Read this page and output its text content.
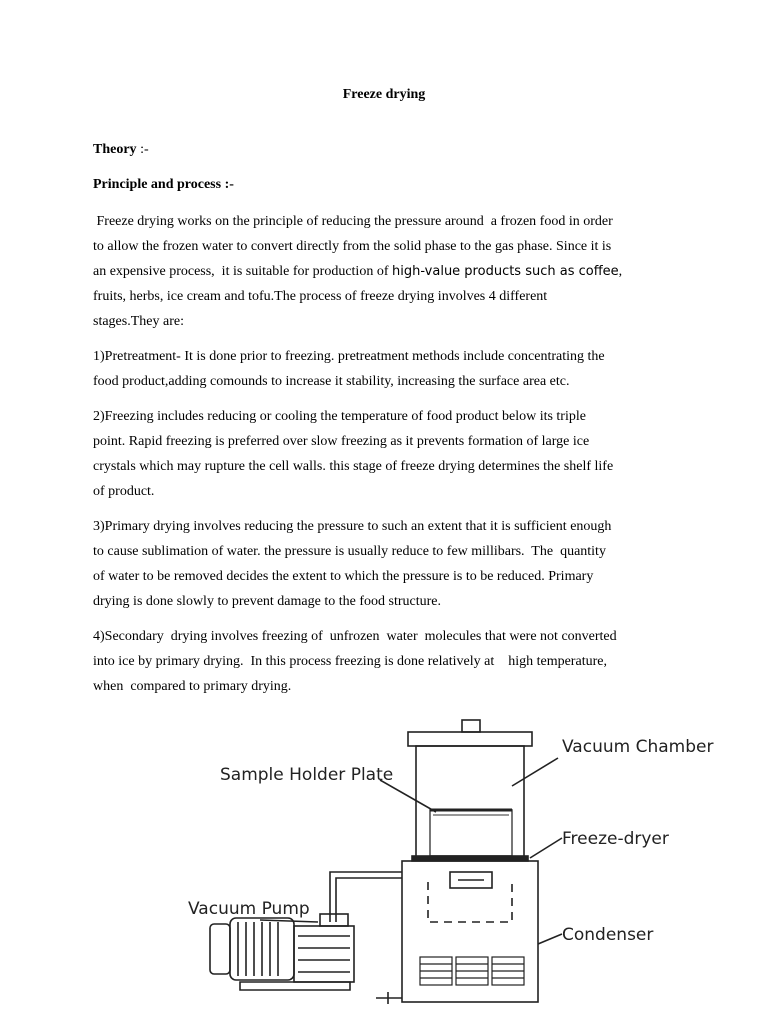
Freeze drying
Theory :-
Principle and process :-
Freeze drying works on the principle of reducing the pressure around  a frozen food in order
to allow the frozen water to convert directly from the solid phase to the gas phase. Since it is
an expensive process,  it is suitable for production of high-value products such as coffee,
fruits, herbs, ice cream and tofu.The process of freeze drying involves 4 different
stages.They are:
1)Pretreatment- It is done prior to freezing. pretreatment methods include concentrating the
food product,adding comounds to increase it stability, increasing the surface area etc.
2)Freezing includes reducing or cooling the temperature of food product below its triple
point. Rapid freezing is preferred over slow freezing as it prevents formation of large ice
crystals which may rupture the cell walls. this stage of freeze drying determines the shelf life
of product.
3)Primary drying involves reducing the pressure to such an extent that it is sufficient enough
to cause sublimation of water. the pressure is usually reduce to few millibars.  The  quantity
of water to be removed decides the extent to which the pressure is to be reduced. Primary
drying is done slowly to prevent damage to the food structure.
4)Secondary  drying involves freezing of  unfrozen  water  molecules that were not converted
into ice by primary drying.  In this process freezing is done relatively at    high temperature,
when  compared to primary drying.
Vacuum Chamber
Sample Holder Plate
Freeze-dryer
Vacuum Pump
Condenser
